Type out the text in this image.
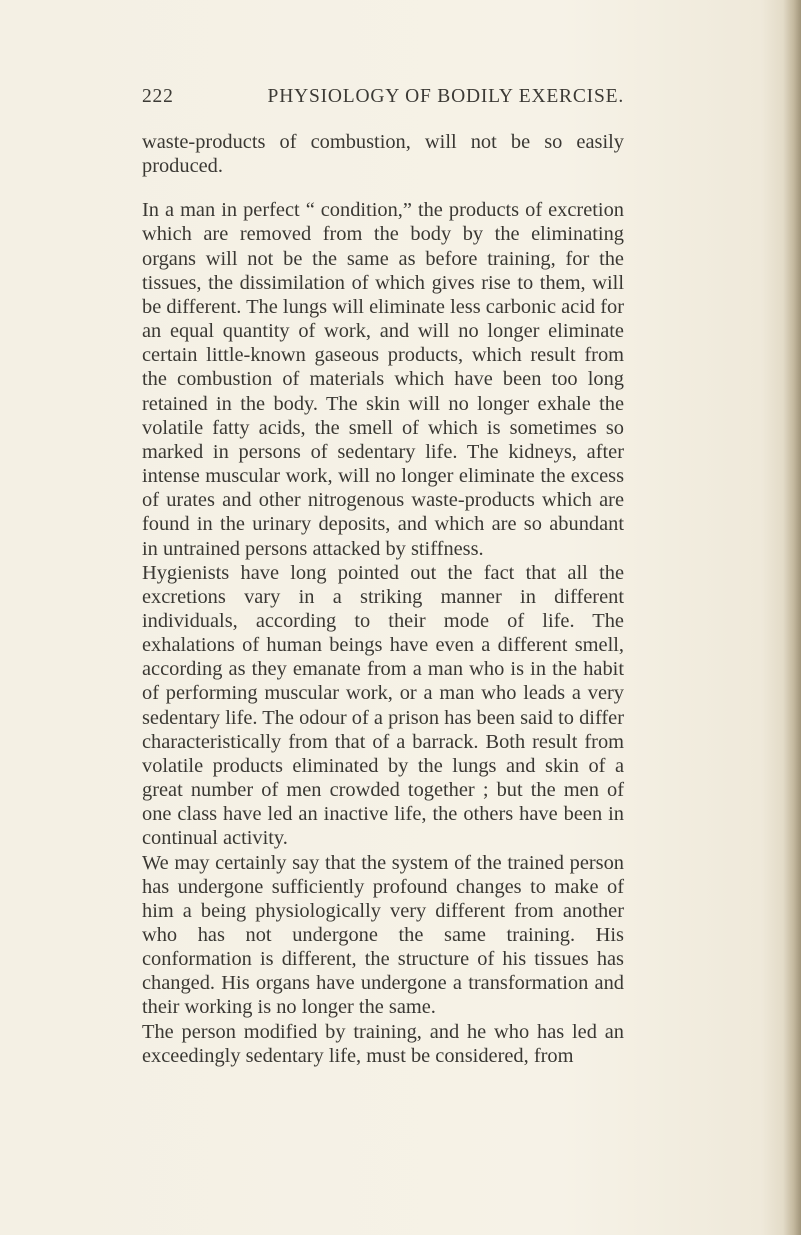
222	PHYSIOLOGY OF BODILY EXERCISE.

waste-products of combustion, will not be so easily produced.

In a man in perfect “ condition,” the products of excretion which are removed from the body by the eliminating organs will not be the same as before training, for the tissues, the dissimilation of which gives rise to them, will be different. The lungs will eliminate less carbonic acid for an equal quantity of work, and will no longer eliminate certain little-known gaseous products, which result from the combustion of materials which have been too long retained in the body. The skin will no longer exhale the volatile fatty acids, the smell of which is sometimes so marked in persons of sedentary life. The kidneys, after intense muscular work, will no longer eliminate the excess of urates and other nitrogenous waste-products which are found in the urinary deposits, and which are so abundant in untrained persons attacked by stiffness.

Hygienists have long pointed out the fact that all the excretions vary in a striking manner in different individuals, according to their mode of life. The exhalations of human beings have even a different smell, according as they emanate from a man who is in the habit of performing muscular work, or a man who leads a very sedentary life. The odour of a prison has been said to differ characteristically from that of a barrack. Both result from volatile products eliminated by the lungs and skin of a great number of men crowded together ; but the men of one class have led an inactive life, the others have been in continual activity.

We may certainly say that the system of the trained person has undergone sufficiently profound changes to make of him a being physiologically very different from another who has not undergone the same training. His conformation is different, the structure of his tissues has changed. His organs have undergone a transformation and their working is no longer the same.

The person modified by training, and he who has led an exceedingly sedentary life, must be considered, from
